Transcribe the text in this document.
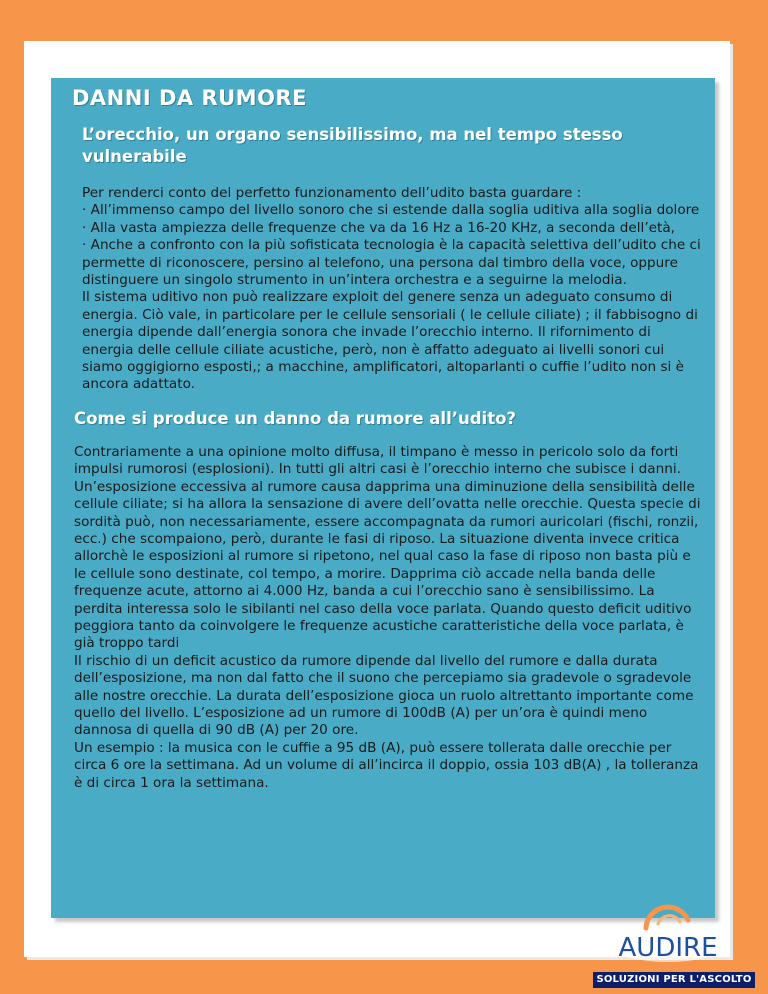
DANNI DA RUMORE
L’orecchio, un organo sensibilissimo, ma nel tempo stesso vulnerabile

Per renderci conto del perfetto funzionamento dell’udito basta guardare :

· All’immenso campo del livello sonoro che si estende dalla soglia uditiva alla soglia dolore

· Alla vasta ampiezza delle frequenze che va da 16 Hz a 16-20 KHz, a seconda dell’età,

· Anche a confronto con la più sofisticata tecnologia è la capacità selettiva dell’udito che ci permette di riconoscere, persino al telefono, una persona dal timbro della voce, oppure distinguere un singolo strumento in un’intera orchestra e a seguirne la melodia.

Il sistema uditivo non può realizzare exploit del genere senza un adeguato consumo di energia. Ciò vale, in particolare per le cellule sensoriali ( le cellule ciliate) ; il fabbisogno di energia dipende dall’energia sonora che invade l’orecchio interno. Il rifornimento di energia delle cellule ciliate acustiche, però, non è affatto adeguato ai livelli sonori cui siamo oggigiorno esposti,; a macchine, amplificatori, altoparlanti o cuffie l’udito non si è ancora adattato.

Come si produce un danno da rumore all’udito?

Contrariamente a una opinione molto diffusa, il timpano è messo in pericolo solo da forti impulsi rumorosi (esplosioni). In tutti gli altri casi è l’orecchio interno che subisce i danni. Un’esposizione eccessiva al rumore causa dapprima una diminuzione della sensibilità delle cellule ciliate; si ha allora la sensazione di avere dell’ovatta nelle orecchie. Questa specie di sordità può, non necessariamente, essere accompagnata da rumori auricolari (fischi, ronzii, ecc.) che scompaiono, però, durante le fasi di riposo. La situazione diventa invece critica allorchè le esposizioni al rumore si ripetono, nel qual caso la fase di riposo non basta più e le cellule sono destinate, col tempo, a morire. Dapprima ciò accade nella banda delle frequenze acute, attorno ai 4.000 Hz, banda a cui l’orecchio sano è sensibilissimo. La perdita interessa solo le sibilanti nel caso della voce parlata. Quando questo deficit uditivo peggiora tanto da coinvolgere le frequenze acustiche caratteristiche della voce parlata, è già troppo tardi

Il rischio di un deficit acustico da rumore dipende dal livello del rumore e dalla durata dell’esposizione, ma non dal fatto che il suono che percepiamo sia gradevole o sgradevole alle nostre orecchie. La durata dell’esposizione gioca un ruolo altrettanto importante come quello del livello. L’esposizione ad un rumore di 100dB (A) per un’ora è quindi meno dannosa di quella di 90 dB (A) per 20 ore.

Un esempio : la musica con le cuffie a 95 dB (A), può essere tollerata dalle orecchie per circa 6 ore la settimana. Ad un volume di all’incirca il doppio, ossia 103 dB(A) , la tolleranza è di circa 1 ora la settimana.

AUDIRE
SOLUZIONI PER L'ASCOLTO
